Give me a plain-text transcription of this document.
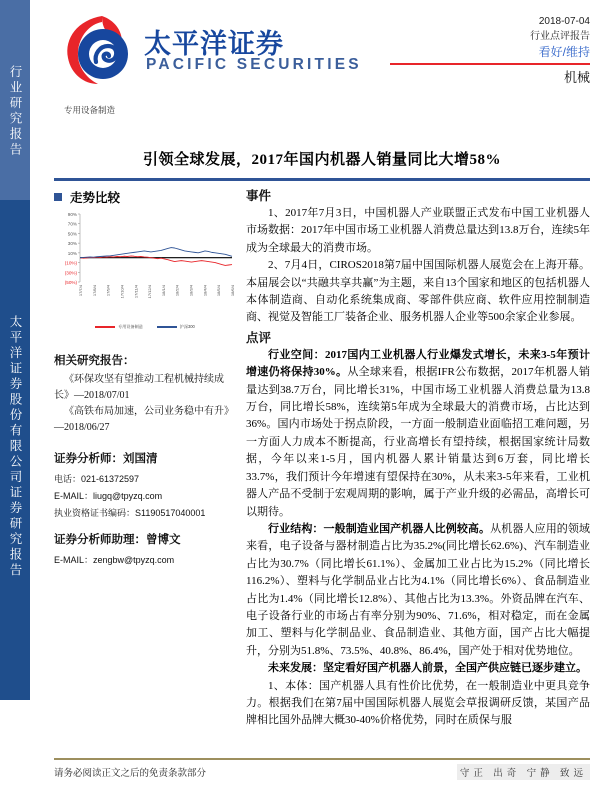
行业研究报告
太平洋证券股份有限公司证券研究报告
太平洋证券
PACIFIC SECURITIES
专用设备制造
2018-07-04
行业点评报告
看好/维持
机械
引领全球发展，2017年国内机器人销量同比大增58%
走势比较
90%
70%
50%
30%
10%
(10%)
(30%)
(50%)
17/7/4 17/8/4 17/9/4 17/10/4 17/11/4 17/12/4 18/1/4 18/2/4 18/3/4 18/4/4 18/5/4 18/6/4
专用设备制造	沪深300
相关研究报告：
《环保攻坚有望推动工程机械持续成长》—2018/07/01
《高铁布局加速，公司业务稳中有升》—2018/06/27
证券分析师：刘国清
电话：021-61372597
E-MAIL：liugq@tpyzq.com
执业资格证书编码：S1190517040001
证券分析师助理：曾博文
E-MAIL：zengbw@tpyzq.com
事件

1、2017年7月3日，中国机器人产业联盟正式发布中国工业机器人市场数据：2017年中国市场工业机器人消费总量达到13.8万台，连续5年成为全球最大的消费市场。

2、7月4日，CIROS2018第7届中国国际机器人展览会在上海开幕。本届展会以“共融共享共赢”为主题，来自13个国家和地区的包括机器人本体制造商、自动化系统集成商、零部件供应商、软件应用控制制造商、视觉及智能工厂装备企业、服务机器人企业等500余家企业参展。

点评

行业空间：2017国内工业机器人行业爆发式增长，未来3-5年预计增速仍将保持30%。从全球来看，根据IFR公布数据，2017年机器人销量达到38.7万台，同比增长31%，中国市场工业机器人消费总量为13.8万台，同比增长58%，连续第5年成为全球最大的消费市场，占比达到36%。国内市场处于拐点阶段，一方面一般制造业面临招工难问题，另一方面人力成本不断提高，行业高增长有望持续，根据国家统计局数据，今年以来1-5月，国内机器人累计销量达到6万套，同比增长33.7%，我们预计今年增速有望保持在30%，从未来3-5年来看，工业机器人产品不受制于宏观周期的影响，属于产业升级的必需品，高增长可以期待。

行业结构：一般制造业国产机器人比例较高。从机器人应用的领域来看，电子设备与器材制造占比为35.2%(同比增长62.6%)、汽车制造业占比为30.7%（同比增长61.1%）、金属加工业占比为15.2%（同比增长116.2%）、塑料与化学制品业占比为4.1%（同比增长6%）、食品制造业占比为1.4%（同比增长12.8%）、其他占比为13.3%。外资品牌在汽车、电子设备行业的市场占有率分别为90%、71.6%，相对稳定，而在金属加工、塑料与化学制品业、食品制造业、其他方面，国产占比大幅提升，分别为51.8%、73.5%、40.8%、86.4%，国产处于相对优势地位。

未来发展：坚定看好国产机器人前景，全国产供应链已逐步建立。

1、本体：国产机器人具有性价比优势，在一般制造业中更具竞争力。根据我们在第7届中国国际机器人展览会草报调研反馈，某国产品牌相比国外品牌大概30-40%价格优势，同时在质保与服

请务必阅读正文之后的免责条款部分	守正 出奇 宁静 致远
